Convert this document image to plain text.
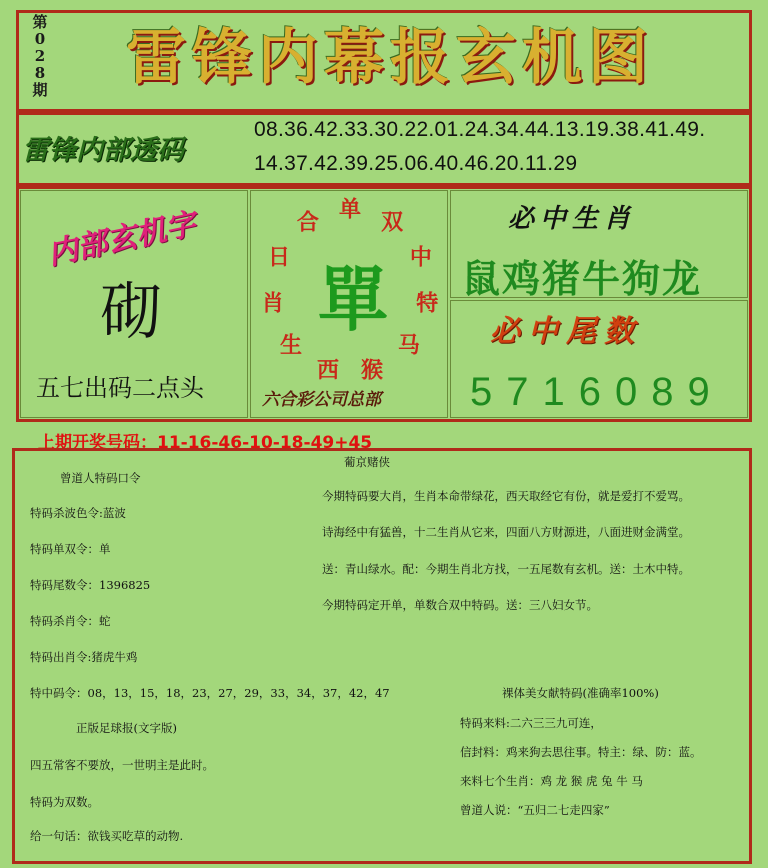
第
0
2
8
期	雷锋内幕报玄机图
雷锋内部透码
08.36.42.33.30.22.01.24.34.44.13.19.38.41.49.
14.37.42.39.25.06.40.46.20.11.29
内部玄机字
砌
五七出码二点头
单
双
中
特
马
猴
西
生
肖
日
合
單
六合彩公司总部
必中生肖
鼠鸡猪牛狗龙
必中尾数
5716089
上期开奖号码：11-16-46-10-18-49+45
曾道人特码口令
特码杀波色令:蓝波
特码单双令：单
特码尾数令：1396825
特码杀肖令：蛇
特码出肖令:猪虎牛鸡
特中码令：08，13，15，18，23，27，29，33，34，37，42，47
正版足球报(文字版)
四五常客不要放，一世明主是此时。
特码为双数。
给一句话：欲钱买吃草的动物.
葡京赌侠
今期特码要大肖，生肖本命带绿花，西天取经它有份，就是爱打不爱骂。
诗海经中有猛兽，十二生肖从它来，四面八方财源进，八面进财金满堂。
送：青山绿水。配：今期生肖北方找，一五尾数有玄机。送：土木中特。
今期特码定开单，单数合双中特码。送：三八妇女节。
裸体美女献特码(准确率100%)
特码来料:二六三三九可连，
信封料：鸡来狗去思往事。特主：绿、防：蓝。
来料七个生肖：鸡 龙 猴 虎 兔 牛 马
曾道人说：“五归二七走四家”
